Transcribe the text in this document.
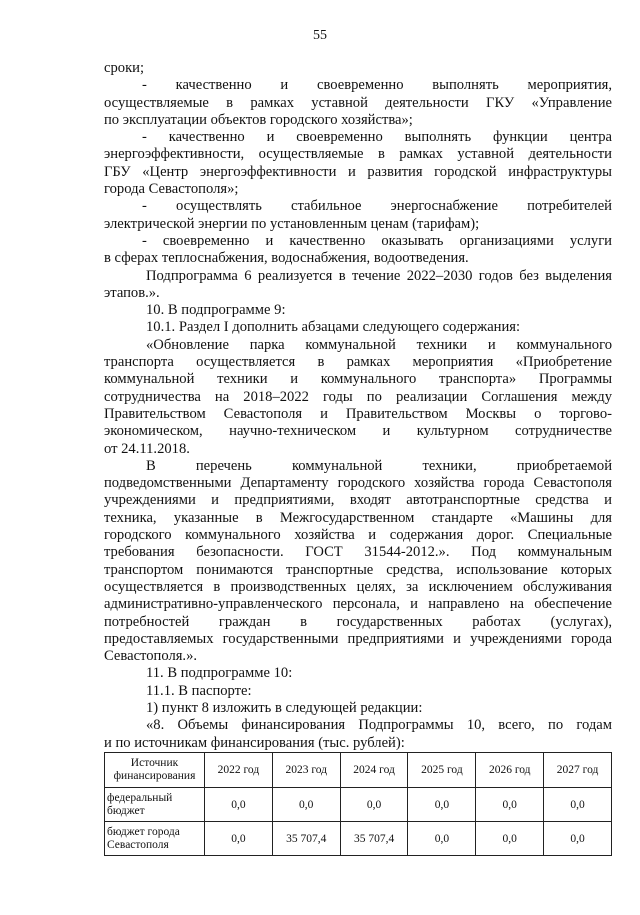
55
сроки;
- качественно и своевременно выполнять мероприятия,
осуществляемые в рамках уставной деятельности ГКУ «Управление
по эксплуатации объектов городского хозяйства»;
- качественно и своевременно выполнять функции центра
энергоэффективности, осуществляемые в рамках уставной деятельности
ГБУ «Центр энергоэффективности и развития городской инфраструктуры
города Севастополя»;
- осуществлять стабильное энергоснабжение потребителей
электрической энергии по установленным ценам (тарифам);
- своевременно и качественно оказывать организациями услуги
в сферах теплоснабжения, водоснабжения, водоотведения.
Подпрограмма 6 реализуется в течение 2022–2030 годов без выделения
этапов.».
10. В подпрограмме 9:
10.1. Раздел I дополнить абзацами следующего содержания:
«Обновление парка коммунальной техники и коммунального
транспорта осуществляется в рамках мероприятия «Приобретение
коммунальной техники и коммунального транспорта» Программы
сотрудничества на 2018–2022 годы по реализации Соглашения между
Правительством Севастополя и Правительством Москвы о торгово-
экономическом, научно-техническом и культурном сотрудничестве
от 24.11.2018.
В перечень коммунальной техники, приобретаемой
подведомственными Департаменту городского хозяйства города Севастополя
учреждениями и предприятиями, входят автотранспортные средства и
техника, указанные в Межгосударственном стандарте «Машины для
городского коммунального хозяйства и содержания дорог. Специальные
требования безопасности. ГОСТ 31544-2012.». Под коммунальным
транспортом понимаются транспортные средства, использование которых
осуществляется в производственных целях, за исключением обслуживания
административно-управленческого персонала, и направлено на обеспечение
потребностей граждан в государственных работах (услугах),
предоставляемых государственными предприятиями и учреждениями города
Севастополя.».
11. В подпрограмме 10:
11.1. В паспорте:
1) пункт 8 изложить в следующей редакции:
«8. Объемы финансирования Подпрограммы 10, всего, по годам
и по источникам финансирования (тыс. рублей):
Источник финансирования	2022 год	2023 год	2024 год	2025 год	2026 год	2027 год
федеральный бюджет	0,0	0,0	0,0	0,0	0,0	0,0
бюджет города Севастополя	0,0	35 707,4	35 707,4	0,0	0,0	0,0
